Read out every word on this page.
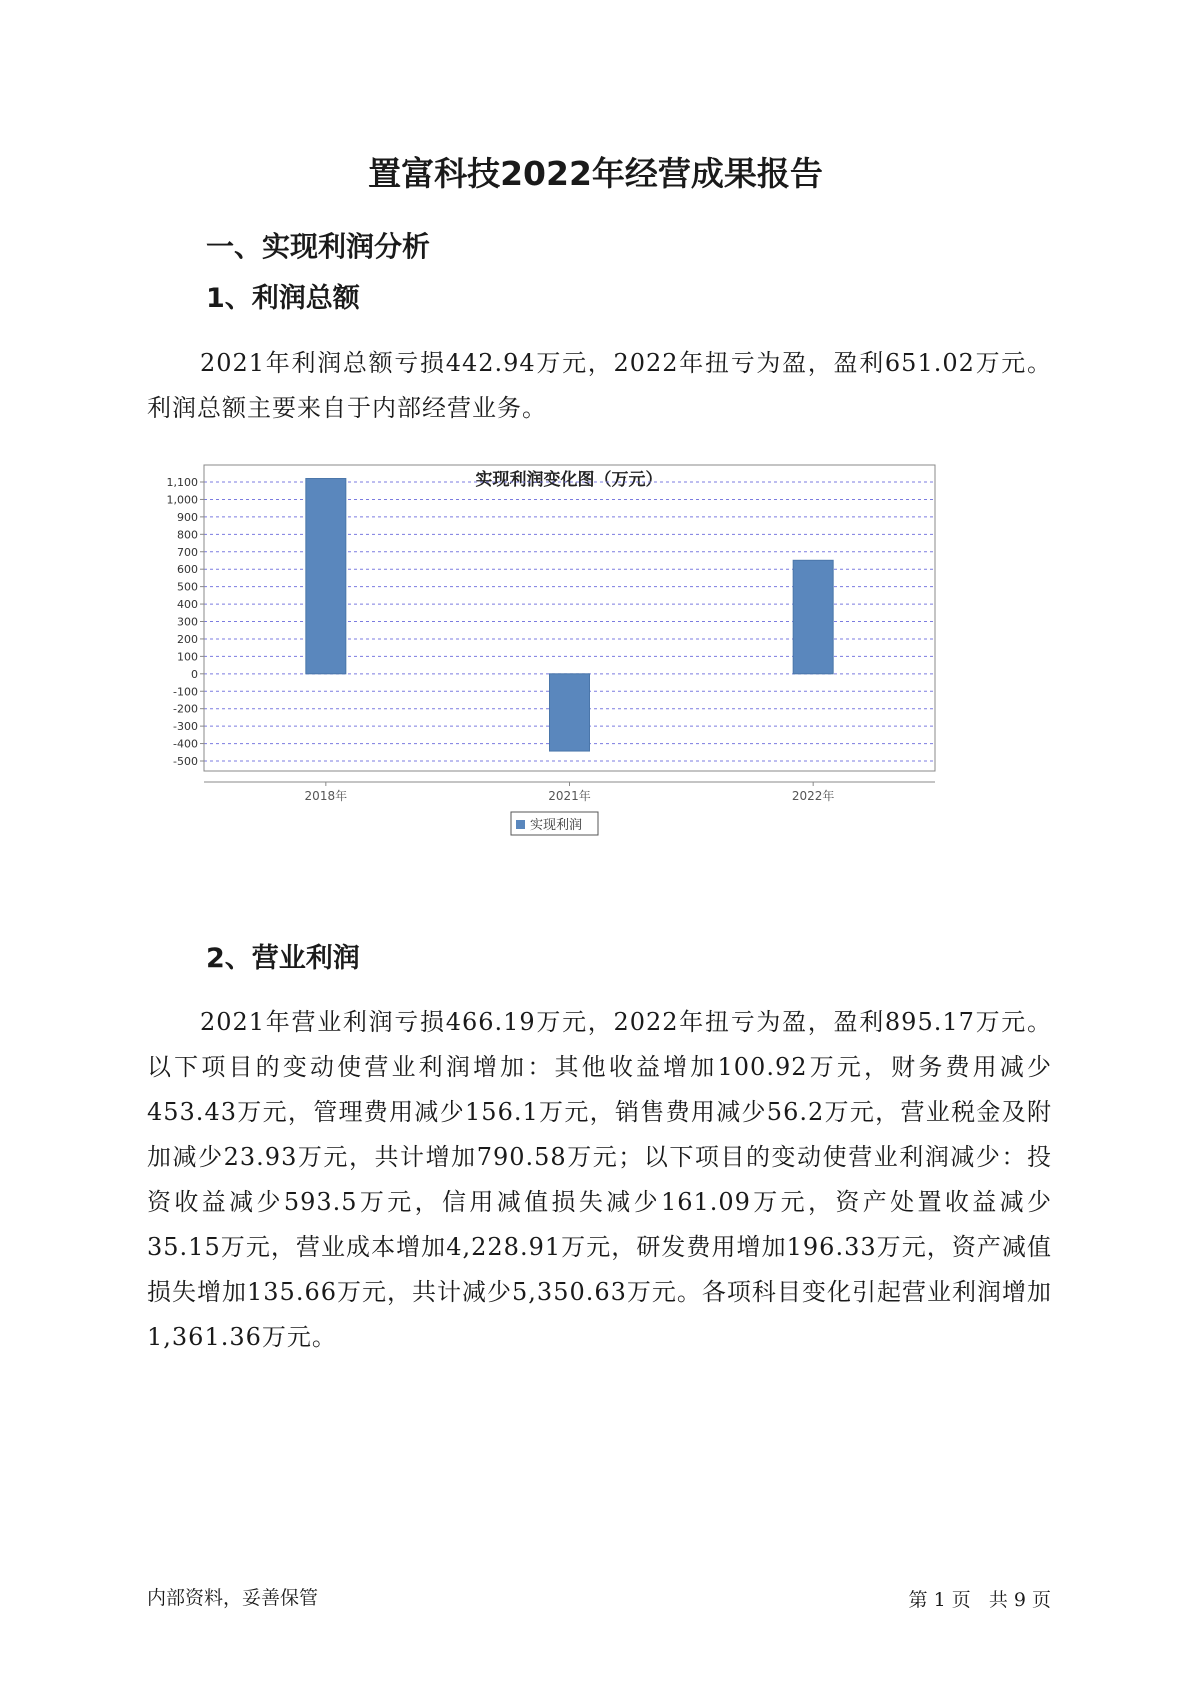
置富科技2022年经营成果报告
一、实现利润分析
1、利润总额

2021年利润总额亏损442.94万元，2022年扭亏为盈，盈利651.02万元。利润总额主要来自于内部经营业务。

实现利润变化图（万元）
1,100
1,000
900
800
700
600
500
400
300
200
100
0
-100
-200
-300
-400
-500
2018年	2021年	2022年
实现利润
2、营业利润

2021年营业利润亏损466.19万元，2022年扭亏为盈，盈利895.17万元。以下项目的变动使营业利润增加：其他收益增加100.92万元，财务费用减少453.43万元，管理费用减少156.1万元，销售费用减少56.2万元，营业税金及附加减少23.93万元，共计增加790.58万元；以下项目的变动使营业利润减少：投资收益减少593.5万元，信用减值损失减少161.09万元，资产处置收益减少35.15万元，营业成本增加4,228.91万元，研发费用增加196.33万元，资产减值损失增加135.66万元，共计减少5,350.63万元。各项科目变化引起营业利润增加1,361.36万元。

内部资料，妥善保管	第 1 页   共 9 页
